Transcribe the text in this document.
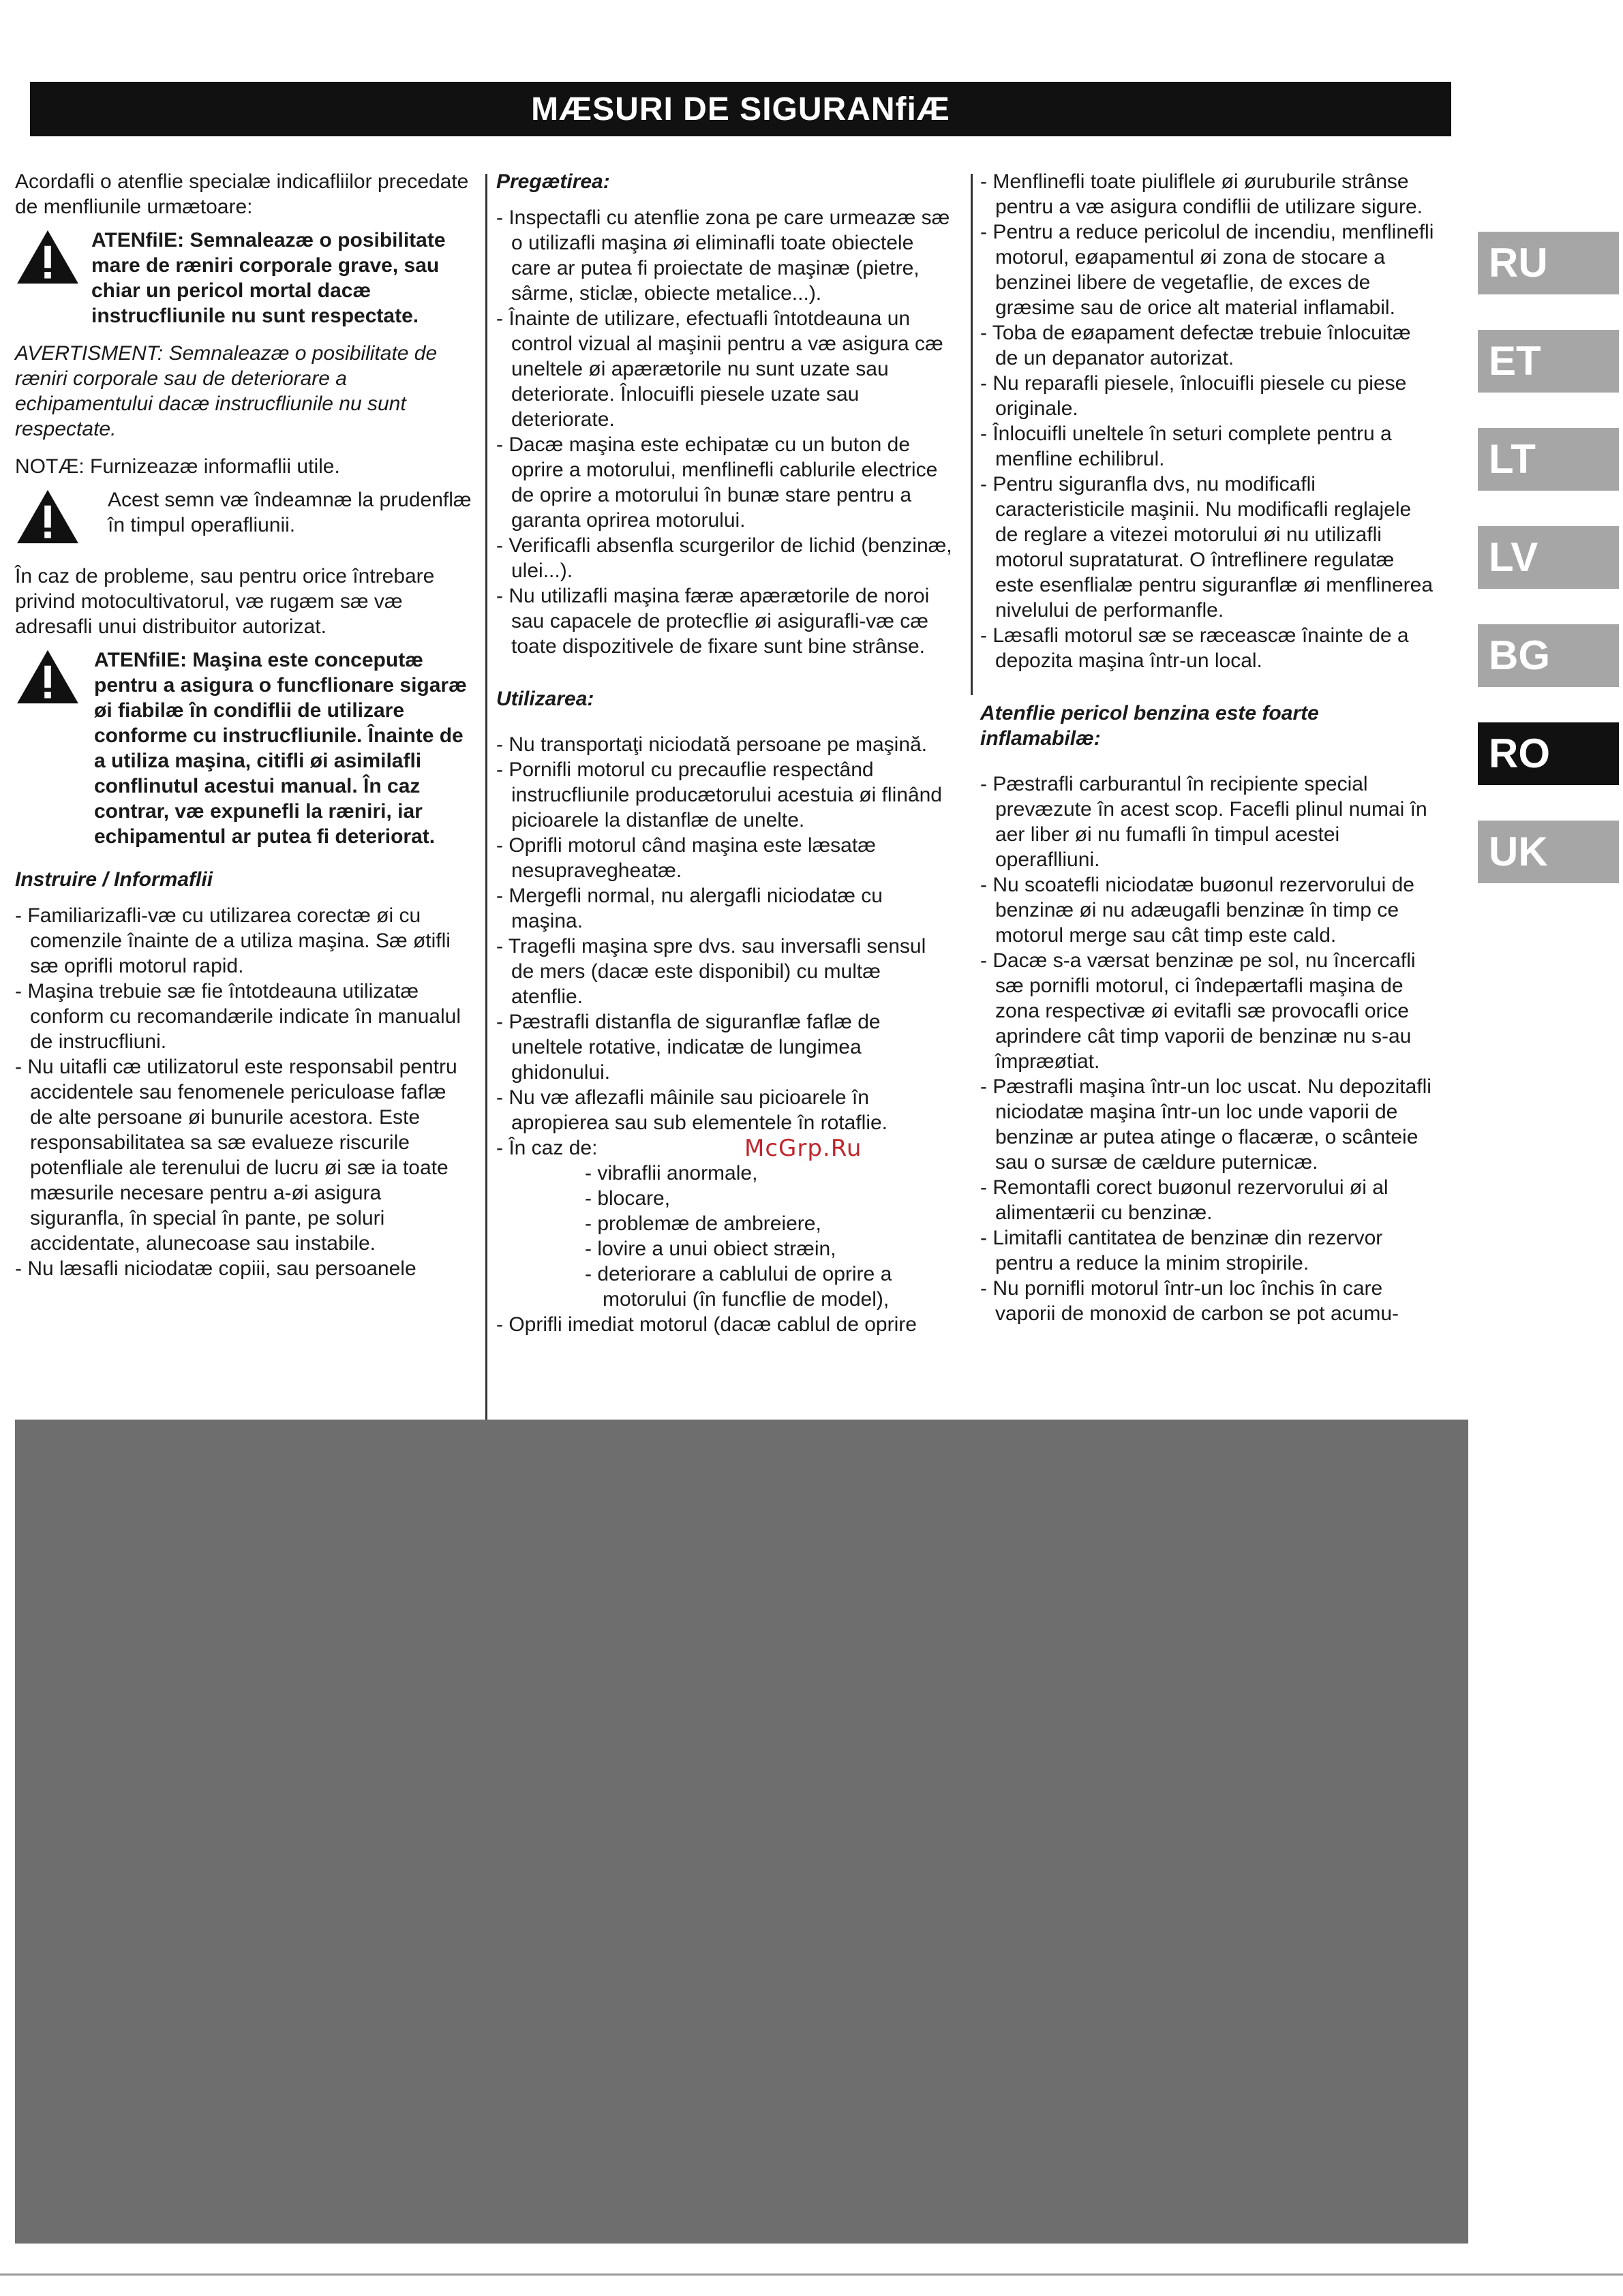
MÆSURI DE SIGURANfiÆ

Acordafli o atenflie specialæ indicafliilor precedate de menfliunile urmætoare:

ATENfiIE: Semnaleazæ o posibilitate mare de ræniri corporale grave, sau chiar un pericol mortal dacæ instrucfliunile nu sunt respectate.

AVERTISMENT: Semnaleazæ o posibilitate de ræniri corporale sau de deteriorare a echipamentului dacæ instrucfliunile nu sunt respectate.

NOTÆ: Furnizeazæ informaflii utile.

Acest semn væ îndeamnæ la prudenflæ în timpul operafliunii.

În caz de probleme, sau pentru orice întrebare privind motocultivatorul, væ rugæm sæ væ adresafli unui distribuitor autorizat.

ATENfiIE: Maşina este conceputæ pentru a asigura o funcflionare sigaræ øi fiabilæ în condiflii de utilizare conforme cu instrucfliunile. Înainte de a utiliza maşina, citifli øi asimilafli conflinutul acestui manual. În caz contrar, væ expunefli la ræniri, iar echipamentul ar putea fi deteriorat.
Instruire / Informaflii
- Familiarizafli-væ cu utilizarea corectæ øi cu comenzile înainte de a utiliza maşina. Sæ øtifli sæ oprifli motorul rapid.
- Maşina trebuie sæ fie întotdeauna utilizatæ conform cu recomandærile indicate în manualul de instrucfliuni.
- Nu uitafli cæ utilizatorul este responsabil pentru accidentele sau fenomenele periculoase faflæ de alte persoane øi bunurile acestora. Este responsabilitatea sa sæ evalueze riscurile potenfliale ale terenului de lucru øi sæ ia toate mæsurile necesare pentru a-øi asigura siguranfla, în special în pante, pe soluri accidentate, alunecoase sau instabile.
- Nu læsafli niciodatæ copiii, sau persoanele
Pregætirea:
- Inspectafli cu atenflie zona pe care urmeazæ sæ o utilizafli maşina øi eliminafli toate obiectele care ar putea fi proiectate de maşinæ (pietre, sârme, sticlæ, obiecte metalice...).
- Înainte de utilizare, efectuafli întotdeauna un control vizual al maşinii pentru a væ asigura cæ uneltele øi apærætorile nu sunt uzate sau deteriorate. Înlocuifli piesele uzate sau deteriorate.
- Dacæ maşina este echipatæ cu un buton de oprire a motorului, menflinefli cablurile electrice de oprire a motorului în bunæ stare pentru a garanta oprirea motorului.
- Verificafli absenfla scurgerilor de lichid (benzinæ, ulei...).
- Nu utilizafli maşina færæ apærætorile de noroi sau capacele de protecflie øi asigurafli-væ cæ toate dispozitivele de fixare sunt bine strânse.
Utilizarea:
- Nu transportaţi niciodată persoane pe maşină.
- Pornifli motorul cu precauflie respectând instrucfliunile producætorului acestuia øi flinând picioarele la distanflæ de unelte.
- Oprifli motorul când maşina este læsatæ nesupravegheatæ.
- Mergefli normal, nu alergafli niciodatæ cu maşina.
- Tragefli maşina spre dvs. sau inversafli sensul de mers (dacæ este disponibil) cu multæ atenflie.
- Pæstrafli distanfla de siguranflæ faflæ de uneltele rotative, indicatæ de lungimea ghidonului.
- Nu væ aflezafli mâinile sau picioarele în apropierea sau sub elementele în rotaflie.
- În caz de:
- vibraflii anormale,
- blocare,
- problemæ de ambreiere,
- lovire a unui obiect stræin,
- deteriorare a cablului de oprire a motorului (în funcflie de model),
- Oprifli imediat motorul (dacæ cablul de oprire
- Menflinefli toate piuliflele øi øuruburile strânse pentru a væ asigura condiflii de utilizare sigure.
- Pentru a reduce pericolul de incendiu, menflinefli motorul, eøapamentul øi zona de stocare a benzinei libere de vegetaflie, de exces de græsime sau de orice alt material inflamabil.
- Toba de eøapament defectæ trebuie înlocuitæ de un depanator autorizat.
- Nu reparafli piesele, înlocuifli piesele cu piese originale.
- Înlocuifli uneltele în seturi complete pentru a menfline echilibrul.
- Pentru siguranfla dvs, nu modificafli caracteristicile maşinii. Nu modificafli reglajele de reglare a vitezei motorului øi nu utilizafli motorul suprataturat. O întreflinere regulatæ este esenflialæ pentru siguranflæ øi menflinerea nivelului de performanfle.
- Læsafli motorul sæ se ræceascæ înainte de a depozita maşina într-un local.
Atenflie pericol benzina este foarte inflamabilæ:
- Pæstrafli carburantul în recipiente special prevæzute în acest scop. Facefli plinul numai în aer liber øi nu fumafli în timpul acestei operaflliuni.
- Nu scoatefli niciodatæ buøonul rezervorului de benzinæ øi nu adæugafli benzinæ în timp ce motorul merge sau cât timp este cald.
- Dacæ s-a værsat benzinæ pe sol, nu încercafli sæ pornifli motorul, ci îndepærtafli maşina de zona respectivæ øi evitafli sæ provocafli orice aprindere cât timp vaporii de benzinæ nu s-au împræøtiat.
- Pæstrafli maşina într-un loc uscat. Nu depozitafli niciodatæ maşina într-un loc unde vaporii de benzinæ ar putea atinge o flacæræ, o scânteie sau o sursæ de cældure puternicæ.
- Remontafli corect buøonul rezervorului øi al alimentærii cu benzinæ.
- Limitafli cantitatea de benzinæ din rezervor pentru a reduce la minim stropirile.
- Nu pornifli motorul într-un loc închis în care vaporii de monoxid de carbon se pot acumu-
RU
ET
LT
LV
BG
RO
UK
McGrp.Ru
